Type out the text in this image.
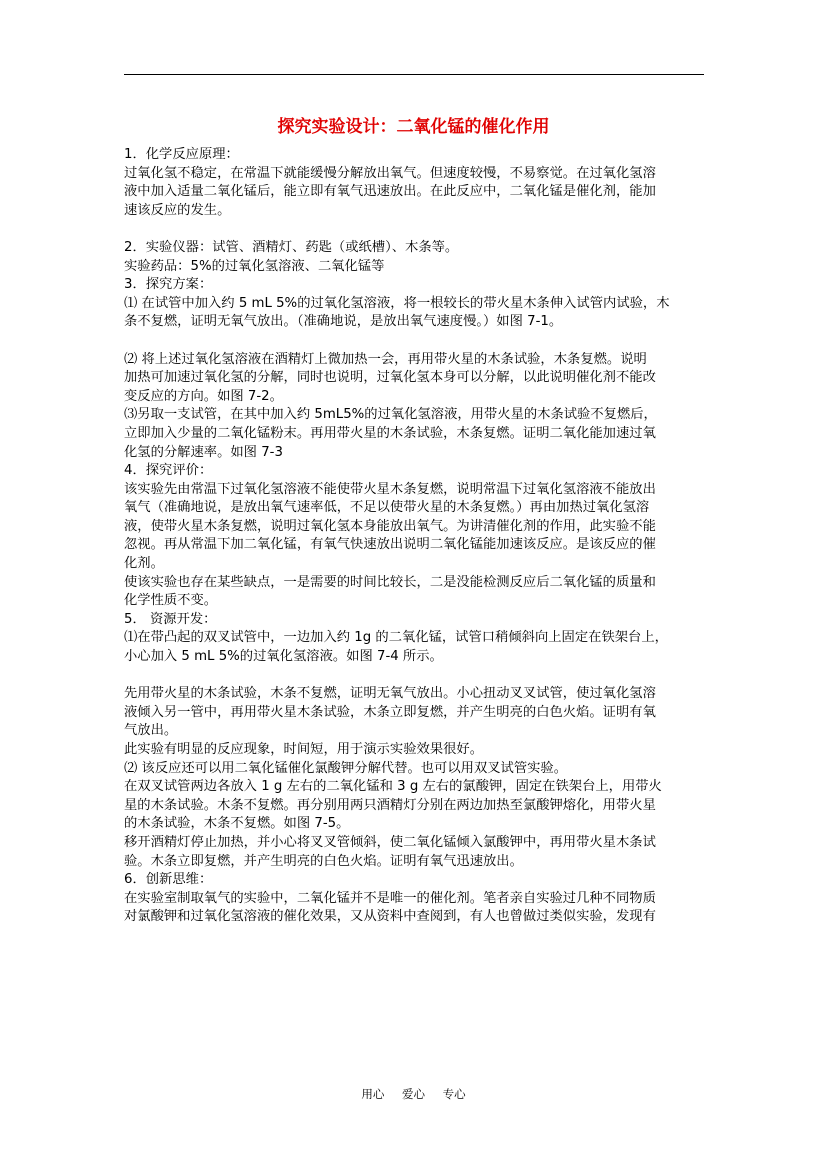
探究实验设计：二氧化锰的催化作用
1．化学反应原理：
过氧化氢不稳定，在常温下就能缓慢分解放出氧气。但速度较慢，不易察觉。在过氧化氢溶
液中加入适量二氧化锰后，能立即有氧气迅速放出。在此反应中，二氧化锰是催化剂，能加
速该反应的发生。
2．实验仪器：试管、酒精灯、药匙（或纸槽）、木条等。
实验药品：5%的过氧化氢溶液、二氧化锰等
3．探究方案：
⑴ 在试管中加入约 5 mL 5%的过氧化氢溶液，将一根较长的带火星木条伸入试管内试验，木
条不复燃，证明无氧气放出。（准确地说，是放出氧气速度慢。）如图 7-1。
⑵ 将上述过氧化氢溶液在酒精灯上微加热一会，再用带火星的木条试验，木条复燃。说明
加热可加速过氧化氢的分解，同时也说明，过氧化氢本身可以分解，以此说明催化剂不能改
变反应的方向。如图 7-2。
⑶另取一支试管，在其中加入约 5mL5%的过氧化氢溶液，用带火星的木条试验不复燃后，
立即加入少量的二氧化锰粉末。再用带火星的木条试验，木条复燃。证明二氧化能加速过氧
化氢的分解速率。如图 7-3
4．探究评价：
该实验先由常温下过氧化氢溶液不能使带火星木条复燃，说明常温下过氧化氢溶液不能放出
氧气（准确地说，是放出氧气速率低，不足以使带火星的木条复燃。）再由加热过氧化氢溶
液，使带火星木条复燃，说明过氧化氢本身能放出氧气。为讲清催化剂的作用，此实验不能
忽视。再从常温下加二氧化锰，有氧气快速放出说明二氧化锰能加速该反应。是该反应的催
化剂。
使该实验也存在某些缺点，一是需要的时间比较长，二是没能检测反应后二氧化锰的质量和
化学性质不变。
5． 资源开发：
⑴在带凸起的双叉试管中，一边加入约 1g 的二氧化锰，试管口稍倾斜向上固定在铁架台上，
小心加入 5 mL 5%的过氧化氢溶液。如图 7-4 所示。
先用带火星的木条试验，木条不复燃，证明无氧气放出。小心扭动叉叉试管，使过氧化氢溶
液倾入另一管中，再用带火星木条试验，木条立即复燃，并产生明亮的白色火焰。证明有氧
气放出。
此实验有明显的反应现象，时间短，用于演示实验效果很好。
⑵ 该反应还可以用二氧化锰催化氯酸钾分解代替。也可以用双叉试管实验。
在双叉试管两边各放入 1 g 左右的二氧化锰和 3 g 左右的氯酸钾，固定在铁架台上，用带火
星的木条试验。木条不复燃。再分别用两只酒精灯分别在两边加热至氯酸钾熔化，用带火星
的木条试验，木条不复燃。如图 7-5。
移开酒精灯停止加热，并小心将叉叉管倾斜，使二氧化锰倾入氯酸钾中，再用带火星木条试
验。木条立即复燃，并产生明亮的白色火焰。证明有氧气迅速放出。
6．创新思维：
在实验室制取氧气的实验中，二氧化锰并不是唯一的催化剂。笔者亲自实验过几种不同物质
对氯酸钾和过氧化氢溶液的催化效果，又从资料中查阅到，有人也曾做过类似实验，发现有
用心 爱心 专心
